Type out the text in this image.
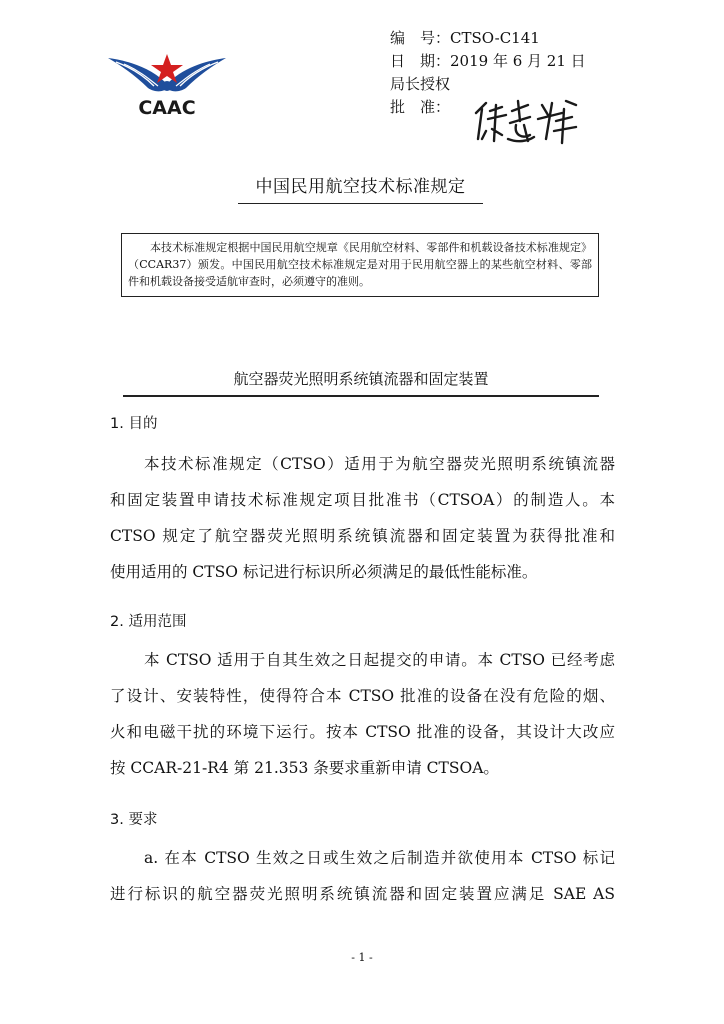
CAAC
编　号： CTSO-C141
日　期： 2019 年 6 月 21 日
局长授权
批　准：
中国民用航空技术标准规定
本技术标准规定根据中国民用航空规章《民用航空材料、零部件和机载设备技术标准规定》（CCAR37）颁发。中国民用航空技术标准规定是对用于民用航空器上的某些航空材料、零部件和机载设备接受适航审查时，必须遵守的准则。
航空器荧光照明系统镇流器和固定装置
1. 目的
本技术标准规定（CTSO）适用于为航空器荧光照明系统镇流器
和固定装置申请技术标准规定项目批准书（CTSOA）的制造人。本
CTSO 规定了航空器荧光照明系统镇流器和固定装置为获得批准和
使用适用的 CTSO 标记进行标识所必须满足的最低性能标准。
2. 适用范围
本 CTSO 适用于自其生效之日起提交的申请。本 CTSO 已经考虑
了设计、安装特性，使得符合本 CTSO 批准的设备在没有危险的烟、
火和电磁干扰的环境下运行。按本 CTSO 批准的设备，其设计大改应
按 CCAR-21-R4 第 21.353 条要求重新申请 CTSOA。
3. 要求
a. 在本 CTSO 生效之日或生效之后制造并欲使用本 CTSO 标记
进行标识的航空器荧光照明系统镇流器和固定装置应满足 SAE AS
- 1 -
